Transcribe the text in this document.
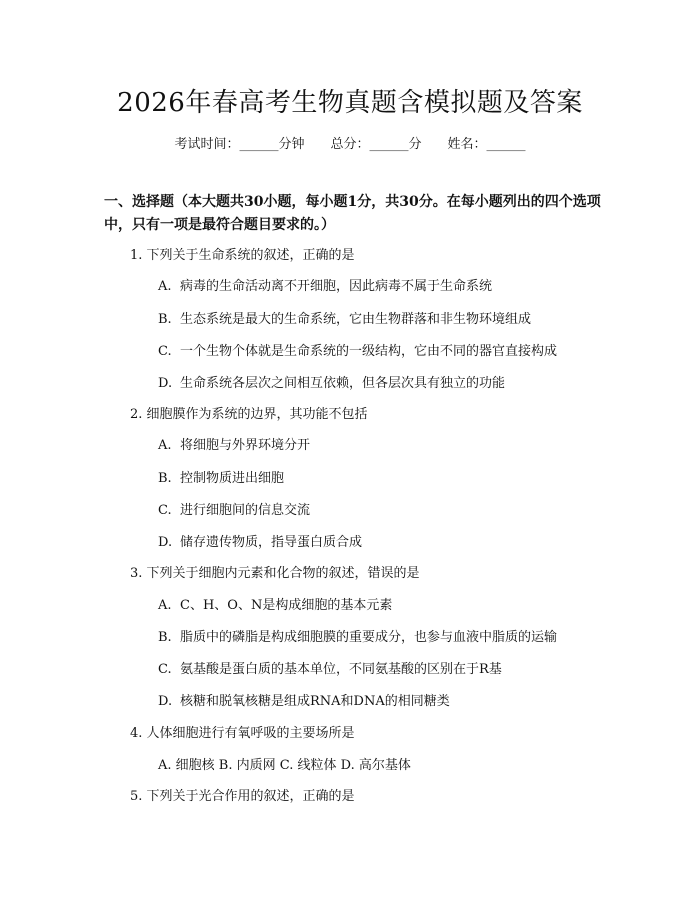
2026年春高考生物真题含模拟题及答案
考试时间：______分钟　　总分：______分　　姓名：______
一、选择题（本大题共30小题，每小题1分，共30分。在每小题列出的四个选项中，只有一项是最符合题目要求的。）
1. 下列关于生命系统的叙述，正确的是
A. 病毒的生命活动离不开细胞，因此病毒不属于生命系统
B. 生态系统是最大的生命系统，它由生物群落和非生物环境组成
C. 一个生物个体就是生命系统的一级结构，它由不同的器官直接构成
D. 生命系统各层次之间相互依赖，但各层次具有独立的功能
2. 细胞膜作为系统的边界，其功能不包括
A. 将细胞与外界环境分开
B. 控制物质进出细胞
C. 进行细胞间的信息交流
D. 储存遗传物质，指导蛋白质合成
3. 下列关于细胞内元素和化合物的叙述，错误的是
A. C、H、O、N是构成细胞的基本元素
B. 脂质中的磷脂是构成细胞膜的重要成分，也参与血液中脂质的运输
C. 氨基酸是蛋白质的基本单位，不同氨基酸的区别在于R基
D. 核糖和脱氧核糖是组成RNA和DNA的相同糖类
4. 人体细胞进行有氧呼吸的主要场所是
A. 细胞核 B. 内质网 C. 线粒体 D. 高尔基体
5. 下列关于光合作用的叙述，正确的是
